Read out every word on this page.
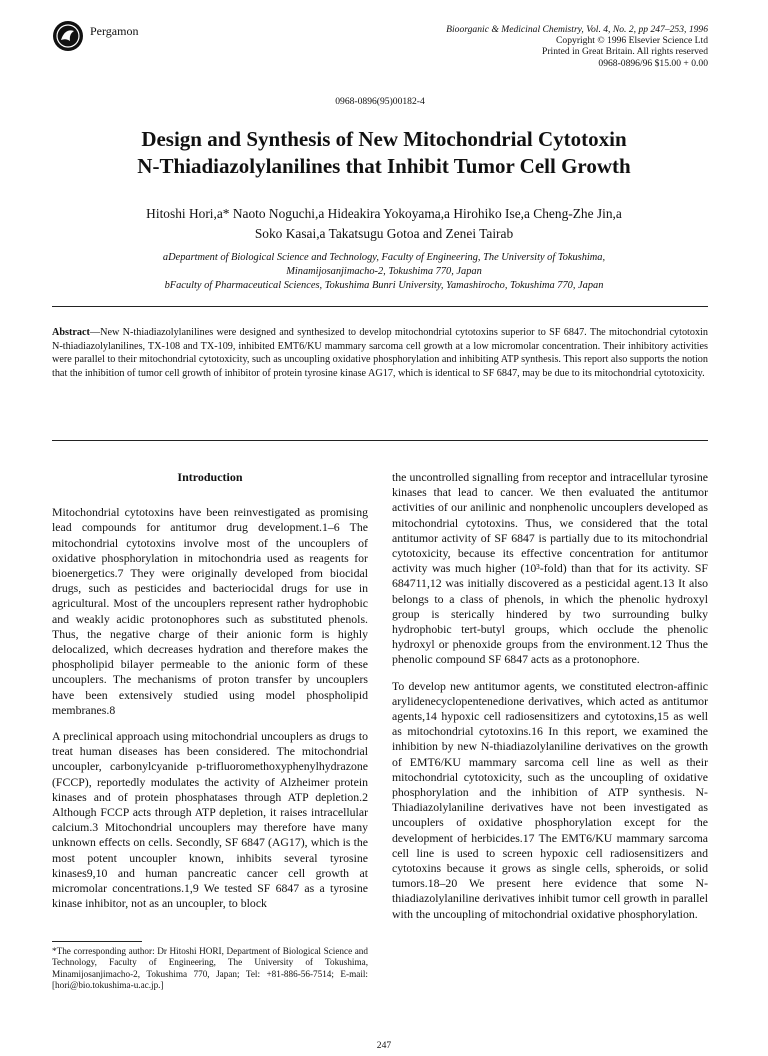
Pergamon	Bioorganic & Medicinal Chemistry, Vol. 4, No. 2, pp 247–253, 1996
Copyright © 1996 Elsevier Science Ltd
Printed in Great Britain. All rights reserved
0968-0896/96 $15.00 + 0.00
0968-0896(95)00182-4
Design and Synthesis of New Mitochondrial Cytotoxin
N-Thiadiazolylanilines that Inhibit Tumor Cell Growth
Hitoshi Hori,a* Naoto Noguchi,a Hideakira Yokoyama,a Hirohiko Ise,a Cheng-Zhe Jin,a
Soko Kasai,a Takatsugu Gotoa and Zenei Tairab
aDepartment of Biological Science and Technology, Faculty of Engineering, The University of Tokushima,
Minamijosanjimacho-2, Tokushima 770, Japan
bFaculty of Pharmaceutical Sciences, Tokushima Bunri University, Yamashirocho, Tokushima 770, Japan
Abstract—New N-thiadiazolylanilines were designed and synthesized to develop mitochondrial cytotoxins superior to SF 6847. The mitochondrial cytotoxin N-thiadiazolylanilines, TX-108 and TX-109, inhibited EMT6/KU mammary sarcoma cell growth at a low micromolar concentration. Their inhibitory activities were parallel to their mitochondrial cytotoxicity, such as uncoupling oxidative phosphorylation and inhibiting ATP synthesis. This report also supports the notion that the inhibition of tumor cell growth of inhibitor of protein tyrosine kinase AG17, which is identical to SF 6847, may be due to its mitochondrial cytotoxicity.
Introduction

Mitochondrial cytotoxins have been reinvestigated as promising lead compounds for antitumor drug development.1–6 The mitochondrial cytotoxins involve most of the uncouplers of oxidative phosphorylation in mitochondria used as reagents for bioenergetics.7 They were originally developed from biocidal drugs, such as pesticides and bacteriocidal drugs for use in agricultural. Most of the uncouplers represent rather hydrophobic and weakly acidic protonophores such as substituted phenols. Thus, the negative charge of their anionic form is highly delocalized, which decreases hydration and therefore makes the phospholipid bilayer permeable to the anionic form of these uncouplers. The mechanisms of proton transfer by uncouplers have been extensively studied using model phospholipid membranes.8

A preclinical approach using mitochondrial uncouplers as drugs to treat human diseases has been considered. The mitochondrial uncoupler, carbonylcyanide p-trifluoromethoxyphenylhydrazone (FCCP), reportedly modulates the activity of Alzheimer protein kinases and of protein phosphatases through ATP depletion.2 Although FCCP acts through ATP depletion, it raises intracellular calcium.3 Mitochondrial uncouplers may therefore have many unknown effects on cells. Secondly, SF 6847 (AG17), which is the most potent uncoupler known, inhibits several tyrosine kinases9,10 and human pancreatic cancer cell growth at micromolar concentrations.1,9 We tested SF 6847 as a tyrosine kinase inhibitor, not as an uncoupler, to block

the uncontrolled signalling from receptor and intracellular tyrosine kinases that lead to cancer. We then evaluated the antitumor activities of our anilinic and nonphenolic uncouplers developed as mitochondrial cytotoxins. Thus, we considered that the total antitumor activity of SF 6847 is partially due to its mitochondrial cytotoxicity, because its effective concentration for antitumor activity was much higher (10³-fold) than that for its activity. SF 684711,12 was initially discovered as a pesticidal agent.13 It also belongs to a class of phenols, in which the phenolic hydroxyl group is sterically hindered by two surrounding bulky hydrophobic tert-butyl groups, which occlude the phenolic hydroxyl or phenoxide groups from the environment.12 Thus the phenolic compound SF 6847 acts as a protonophore.

To develop new antitumor agents, we constituted electron-affinic arylidenecyclopentenedione derivatives, which acted as antitumor agents,14 hypoxic cell radiosensitizers and cytotoxins,15 as well as mitochondrial cytotoxins.16 In this report, we examined the inhibition by new N-thiadiazolylaniline derivatives on the growth of EMT6/KU mammary sarcoma cell line as well as their mitochondrial cytotoxicity, such as the uncoupling of oxidative phosphorylation and the inhibition of ATP synthesis. N-Thiadiazolylaniline derivatives have not been investigated as uncouplers of oxidative phosphorylation except for the development of herbicides.17 The EMT6/KU mammary sarcoma cell line is used to screen hypoxic cell radiosensitizers and cytotoxins because it grows as single cells, spheroids, or solid tumors.18–20 We present here evidence that some N-thiadiazolylaniline derivatives inhibit tumor cell growth in parallel with the uncoupling of mitochondrial oxidative phosphorylation.

*The corresponding author: Dr Hitoshi HORI, Department of Biological Science and Technology, Faculty of Engineering, The University of Tokushima, Minamijosanjimacho-2, Tokushima 770, Japan; Tel: +81-886-56-7514; E-mail: [hori@bio.tokushima-u.ac.jp.]
247
